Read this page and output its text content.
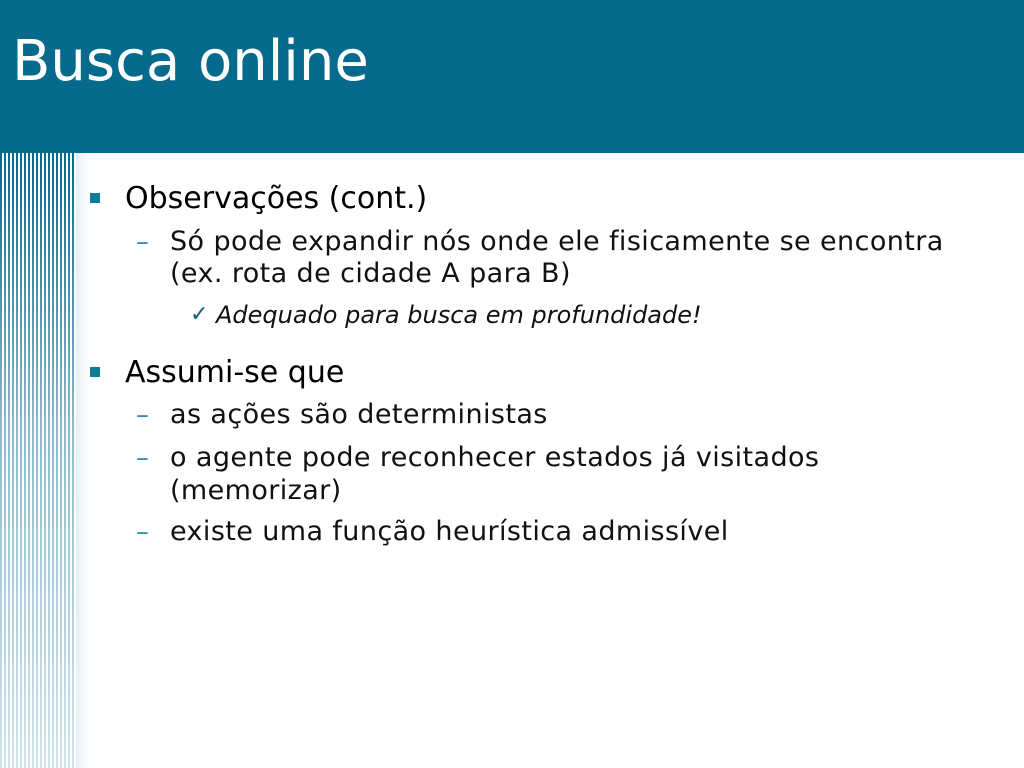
Busca online
Observações (cont.)
– Só pode expandir nós onde ele fisicamente se encontra
(ex. rota de cidade A para B)
✓ Adequado para busca em profundidade!
Assumi-se que
– as ações são deterministas
– o agente pode reconhecer estados já visitados
(memorizar)
– existe uma função heurística admissível
